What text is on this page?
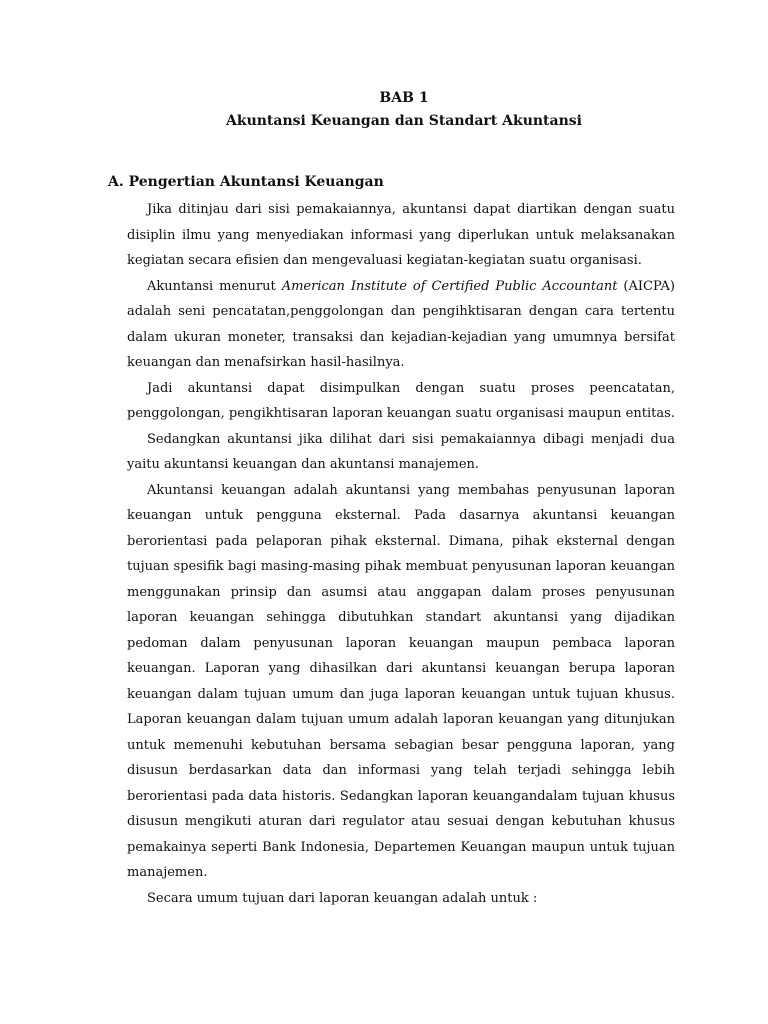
BAB 1
Akuntansi Keuangan dan Standart Akuntansi
A. Pengertian Akuntansi Keuangan

Jika ditinjau dari sisi pemakaiannya, akuntansi dapat diartikan dengan suatu disiplin ilmu yang menyediakan informasi yang diperlukan untuk melaksanakan kegiatan secara efisien dan mengevaluasi kegiatan-kegiatan suatu organisasi.

Akuntansi menurut American Institute of Certified Public Accountant (AICPA) adalah seni pencatatan,penggolongan dan pengihktisaran dengan cara tertentu dalam ukuran moneter, transaksi dan kejadian-kejadian yang umumnya bersifat keuangan dan menafsirkan hasil-hasilnya.

Jadi akuntansi dapat disimpulkan dengan suatu proses peencatatan, penggolongan, pengikhtisaran laporan keuangan suatu organisasi maupun entitas.

Sedangkan akuntansi jika dilihat dari sisi pemakaiannya dibagi menjadi dua yaitu akuntansi keuangan dan akuntansi manajemen.

Akuntansi keuangan adalah akuntansi yang membahas penyusunan laporan keuangan untuk pengguna eksternal. Pada dasarnya akuntansi keuangan berorientasi pada pelaporan pihak eksternal. Dimana, pihak eksternal dengan tujuan spesifik bagi masing-masing pihak membuat penyusunan laporan keuangan menggunakan prinsip dan asumsi atau anggapan dalam proses penyusunan laporan keuangan sehingga dibutuhkan standart akuntansi yang dijadikan pedoman dalam penyusunan laporan keuangan maupun pembaca laporan keuangan. Laporan yang dihasilkan dari akuntansi keuangan berupa laporan keuangan dalam tujuan umum dan juga laporan keuangan untuk tujuan khusus. Laporan keuangan dalam tujuan umum adalah laporan keuangan yang ditunjukan untuk memenuhi kebutuhan bersama sebagian besar pengguna laporan, yang disusun berdasarkan data dan informasi yang telah terjadi sehingga lebih berorientasi pada data historis. Sedangkan laporan keuangandalam tujuan khusus disusun mengikuti aturan dari regulator atau sesuai dengan kebutuhan khusus pemakainya seperti Bank Indonesia, Departemen Keuangan maupun untuk tujuan manajemen.

Secara umum tujuan dari laporan keuangan adalah untuk :
